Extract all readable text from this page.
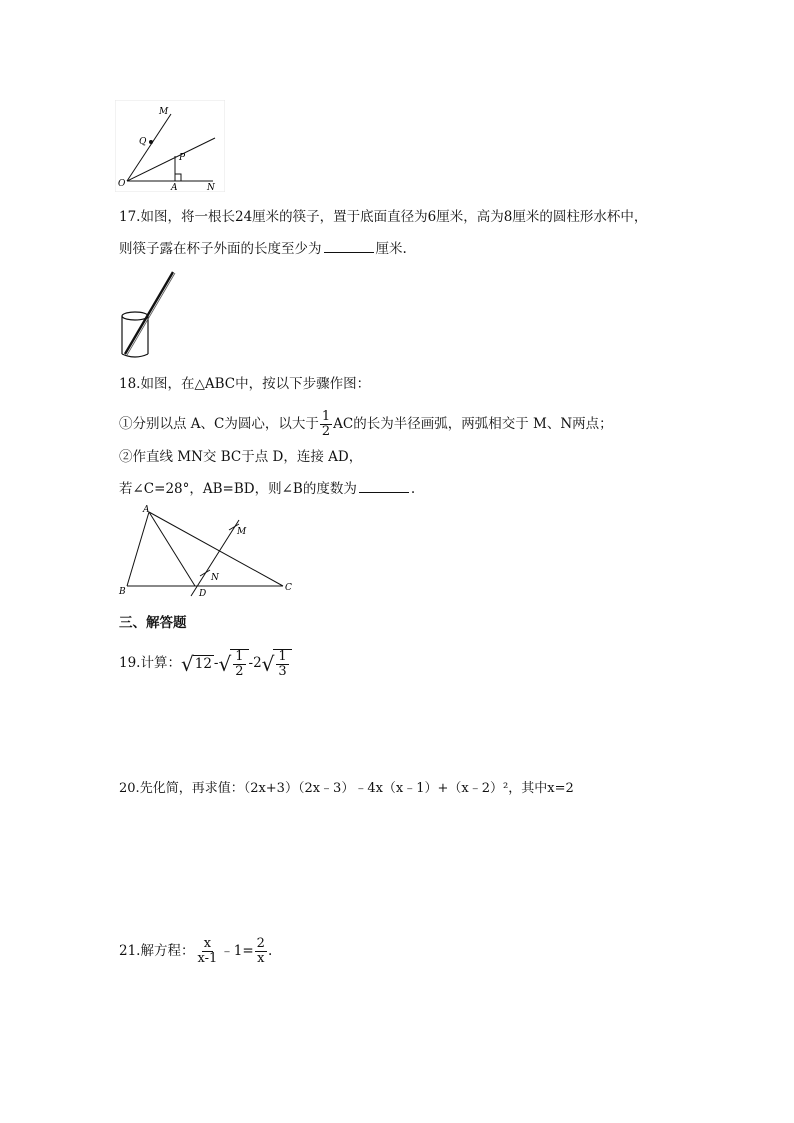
M
Q
P
O	A	N
17.如图，将一根长24厘米的筷子，置于底面直径为6厘米，高为8厘米的圆柱形水杯中，
则筷子露在杯子外面的长度至少为	厘米.
18.如图，在△ABC中，按以下步骤作图：
①分别以点 A、C为圆心，以大于 $\frac{1}{2}$ AC的长为半径画弧，两弧相交于 M、N两点；
②作直线 MN交 BC于点 D，连接 AD，
若∠C=28°，AB=BD，则∠B的度数为	.
A
B	C
D
M
N
三、解答题
19.计算： √ 12 - √ $\frac{1}{2} -2$ √ $\frac{1}{3}$
20.先化简，再求值：（2x+3）（2x﹣3）﹣4x（x﹣1）+（x﹣2）²，其中x=2
21.解方程： $\frac{x}{x-1}$ ﹣1= $\frac{2}{x}$ .
